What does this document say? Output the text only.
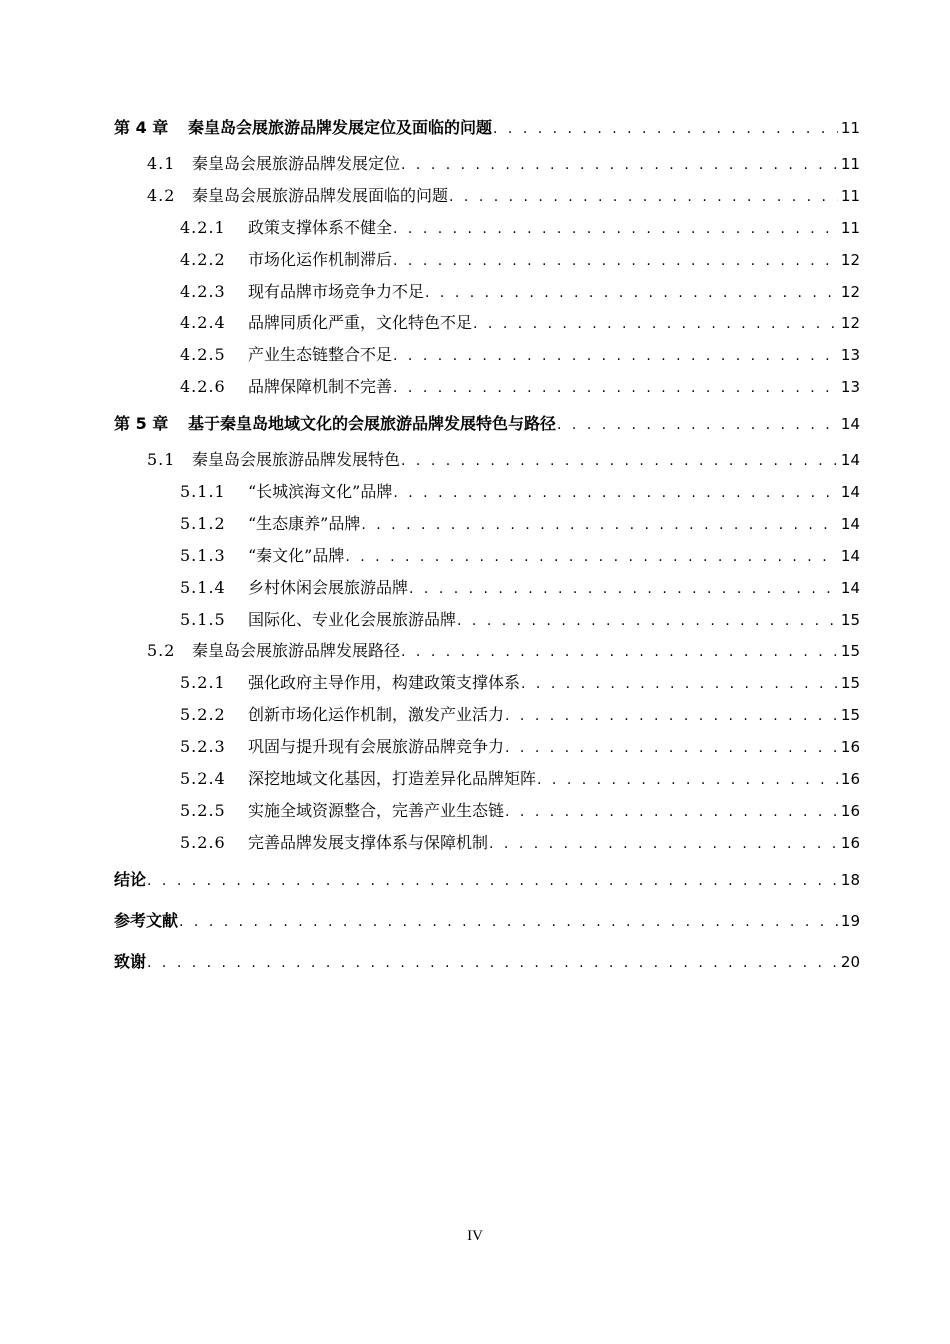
第 4 章	秦皇岛会展旅游品牌发展定位及面临的问题 . . .	11
4.1	秦皇岛会展旅游品牌发展定位 . . .	11
4.2	秦皇岛会展旅游品牌发展面临的问题 . . .	11
4.2.1	政策支撑体系不健全 . . .	11
4.2.2	市场化运作机制滞后 . . .	12
4.2.3	现有品牌市场竞争力不足 . . .	12
4.2.4	品牌同质化严重，文化特色不足 . . .	12
4.2.5	产业生态链整合不足 . . .	13
4.2.6	品牌保障机制不完善 . . .	13
第 5 章	基于秦皇岛地域文化的会展旅游品牌发展特色与路径 . . .	14
5.1	秦皇岛会展旅游品牌发展特色 . . .	14
5.1.1	“长城滨海文化”品牌 . . .	14
5.1.2	“生态康养”品牌 . . .	14
5.1.3	“秦文化”品牌 . . .	14
5.1.4	乡村休闲会展旅游品牌 . . .	14
5.1.5	国际化、专业化会展旅游品牌 . . .	15
5.2	秦皇岛会展旅游品牌发展路径 . . .	15
5.2.1	强化政府主导作用，构建政策支撑体系 . . .	15
5.2.2	创新市场化运作机制，激发产业活力 . . .	15
5.2.3	巩固与提升现有会展旅游品牌竞争力 . . .	16
5.2.4	深挖地域文化基因，打造差异化品牌矩阵 . . .	16
5.2.5	实施全域资源整合，完善产业生态链 . . .	16
5.2.6	完善品牌发展支撑体系与保障机制 . . .	16
结论 . . .	18
参考文献 . . .	19
致谢 . . .	20
IV
